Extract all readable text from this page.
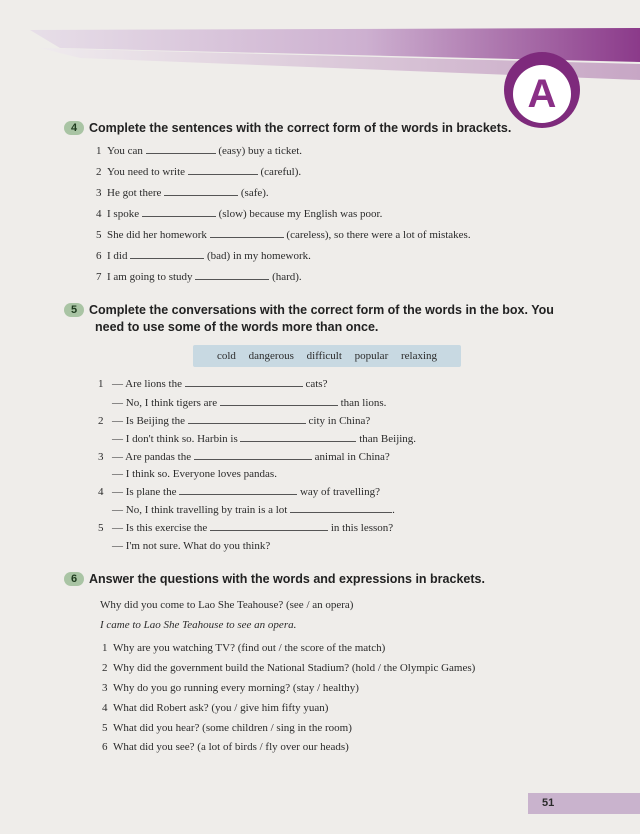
A
4 Complete the sentences with the correct form of the words in brackets.
1 You can	(easy) buy a ticket.
2 You need to write	(careful).
3 He got there	(safe).
4 I spoke	(slow) because my English was poor.
5 She did her homework	(careless), so there were a lot of mistakes.
6 I did	(bad) in my homework.
7 I am going to study	(hard).
5 Complete the conversations with the correct form of the words in the box. You
need to use some of the words more than once.
cold dangerous difficult popular relaxing
1 — Are lions the	cats?
— No, I think tigers are	than lions.
2 — Is Beijing the	city in China?
— I don't think so. Harbin is	than Beijing.
3 — Are pandas the	animal in China?
— I think so. Everyone loves pandas.
4 — Is plane the	way of travelling?
— No, I think travelling by train is a lot	.
5 — Is this exercise the	in this lesson?
— I'm not sure. What do you think?
6 Answer the questions with the words and expressions in brackets.
Why did you come to Lao She Teahouse? (see / an opera)
I came to Lao She Teahouse to see an opera.
1 Why are you watching TV? (find out / the score of the match)
2 Why did the government build the National Stadium? (hold / the Olympic Games)
3 Why do you go running every morning? (stay / healthy)
4 What did Robert ask? (you / give him fifty yuan)
5 What did you hear? (some children / sing in the room)
6 What did you see? (a lot of birds / fly over our heads)
51
